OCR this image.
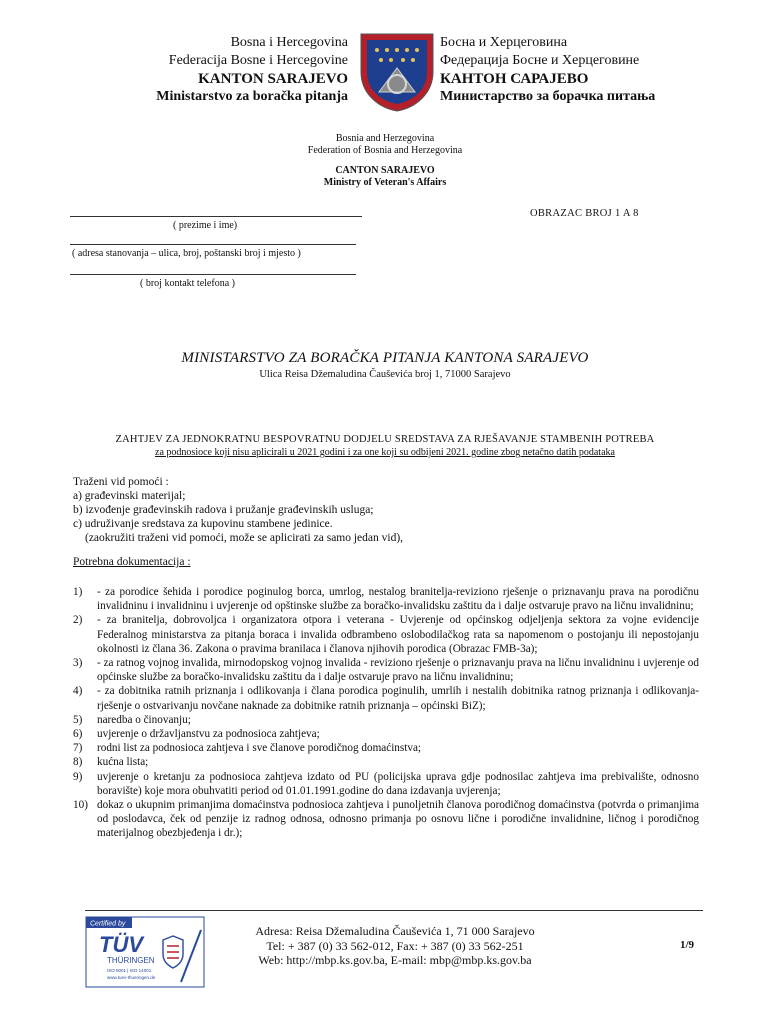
Bosna i Hercegovina
Federacija Bosne i Hercegovine
KANTON SARAJEVO
Ministarstvo za boračka pitanja
Босна и Херцеговина
Федерација Босне и Херцеговине
КАНТОН САРАЈЕВО
Министарство за борачка питања
Bosnia and Herzegovina
Federation of Bosnia and Herzegovina
CANTON SARAJEVO
Ministry of Veteran's Affairs
( prezime i ime)
( adresa stanovanja – ulica, broj, poštanski broj i mjesto )
( broj kontakt telefona )
OBRAZAC BROJ 1 A 8
MINISTARSTVO ZA BORAČKA PITANJA KANTONA SARAJEVO
Ulica Reisa Džemaludina Čauševića broj 1, 71000 Sarajevo
ZAHTJEV ZA JEDNOKRATNU BESPOVRATNU DODJELU SREDSTAVA ZA RJEŠAVANJE STAMBENIH POTREBA
za podnosioce koji nisu aplicirali u 2021 godini i za one koji su odbijeni 2021. godine zbog netačno datih podataka
Traženi vid pomoći :
a) građevinski materijal;
b) izvođenje građevinskih radova i pružanje građevinskih usluga;
c) udruživanje sredstava za kupovinu stambene jedinice.
(zaokružiti traženi vid pomoći, može se aplicirati za samo jedan vid),
Potrebna dokumentacija :
1)	- za porodice šehida i porodice poginulog borca, umrlog, nestalog branitelja-reviziono rješenje o priznavanju prava na porodičnu invalidninu i invalidninu i uvjerenje od opštinske službe za boračko-invalidsku zaštitu da i dalje ostvaruje pravo na ličnu invalidninu;
2)	- za branitelja, dobrovoljca i organizatora otpora i veterana - Uvjerenje od općinskog odjeljenja sektora za vojne evidencije Federalnog ministarstva za pitanja boraca i invalida odbrambeno oslobodilačkog rata sa napomenom o postojanju ili nepostojanju okolnosti iz člana 36. Zakona o pravima branilaca i članova njihovih porodica (Obrazac FMB-3a);
3)	- za ratnog vojnog invalida, mirnodopskog vojnog invalida - reviziono rješenje o priznavanju prava na ličnu invalidninu i uvjerenje od općinske službe za boračko-invalidsku zaštitu da i dalje ostvaruje pravo na ličnu invalidninu;
4)	- za dobitnika ratnih priznanja i odlikovanja i člana porodica poginulih, umrlih i nestalih dobitnika ratnog priznanja i odlikovanja-rješenje o ostvarivanju novčane naknade za dobitnike ratnih priznanja – općinski BiZ);
5)	naredba o činovanju;
6)	uvjerenje o državljanstvu za podnosioca zahtjeva;
7)	rodni list za podnosioca zahtjeva i sve članove porodičnog domaćinstva;
8)	kućna lista;
9)	uvjerenje o kretanju za podnosioca zahtjeva izdato od PU (policijska uprava gdje podnosilac zahtjeva ima prebivalište, odnosno boravište) koje mora obuhvatiti period od 01.01.1991.godine do dana izdavanja uvjerenja;
10) dokaz o ukupnim primanjima domaćinstva podnosioca zahtjeva i punoljetnih članova porodičnog domaćinstva (potvrda o primanjima od poslodavca, ček od penzije iz radnog odnosa, odnosno primanja po osnovu lične i porodične invalidnine, ličnog i porodičnog materijalnog obezbjeđenja i dr.);
Certified by
TÜV
THÜRINGEN
ISO 9001 | ISO 14001
www.tuev-thueringen.de
Adresa: Reisa Džemaludina Čauševića 1, 71 000 Sarajevo
Tel: + 387 (0) 33 562-012, Fax: + 387 (0) 33 562-251
Web: http://mbp.ks.gov.ba, E-mail: mbp@mbp.ks.gov.ba
1/9
